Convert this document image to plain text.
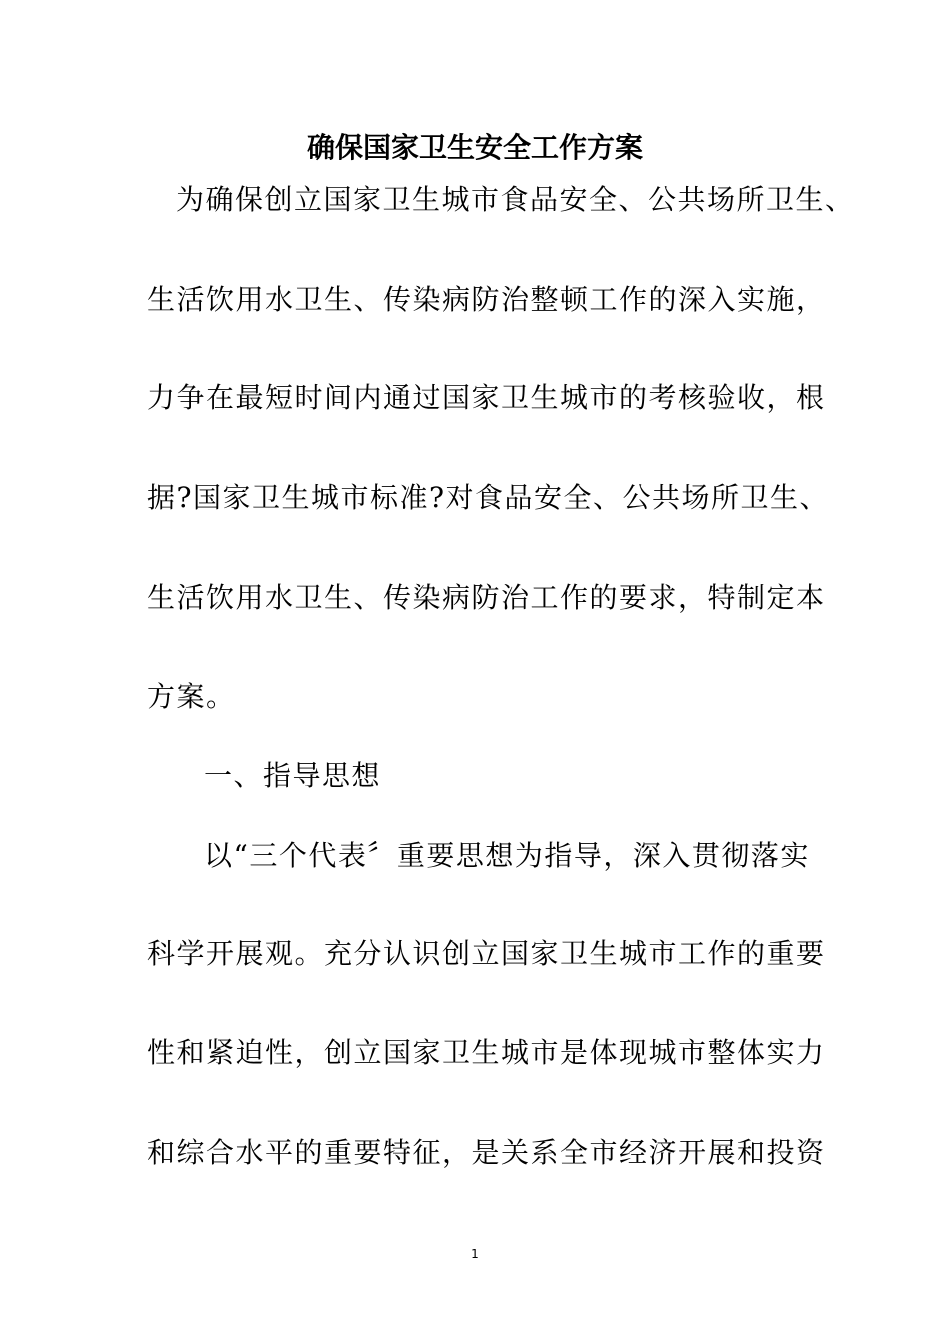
确保国家卫生安全工作方案
为确保创立国家卫生城市食品安全、公共场所卫生、
生活饮用水卫生、传染病防治整顿工作的深入实施，
力争在最短时间内通过国家卫生城市的考核验收，根
据?国家卫生城市标准?对食品安全、公共场所卫生、
生活饮用水卫生、传染病防治工作的要求，特制定本
方案。
一、指导思想
以“三个代表〞重要思想为指导，深入贯彻落实
科学开展观。充分认识创立国家卫生城市工作的重要
性和紧迫性，创立国家卫生城市是体现城市整体实力
和综合水平的重要特征，是关系全市经济开展和投资
1
